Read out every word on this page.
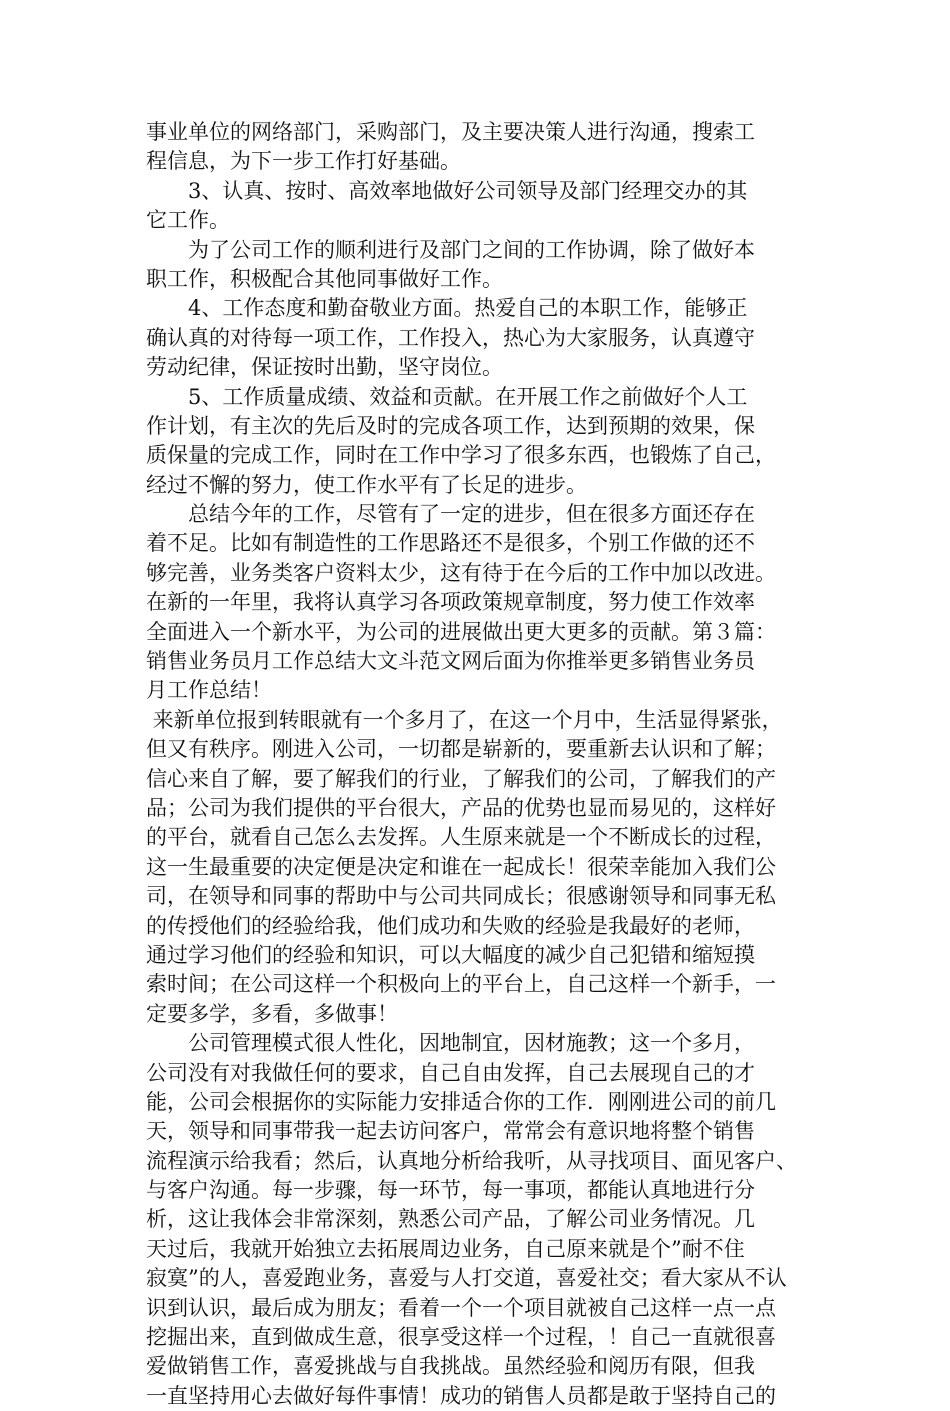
事业单位的网络部门，采购部门，及主要决策人进行沟通，搜索工
程信息，为下一步工作打好基础。
　　3、认真、按时、高效率地做好公司领导及部门经理交办的其
它工作。
　　为了公司工作的顺利进行及部门之间的工作协调，除了做好本
职工作，积极配合其他同事做好工作。
　　4、工作态度和勤奋敬业方面。热爱自己的本职工作，能够正
确认真的对待每一项工作，工作投入，热心为大家服务，认真遵守
劳动纪律，保证按时出勤，坚守岗位。
　　5、工作质量成绩、效益和贡献。在开展工作之前做好个人工
作计划，有主次的先后及时的完成各项工作，达到预期的效果，保
质保量的完成工作，同时在工作中学习了很多东西，也锻炼了自己，
经过不懈的努力，使工作水平有了长足的进步。
　　总结今年的工作，尽管有了一定的进步，但在很多方面还存在
着不足。比如有制造性的工作思路还不是很多，个别工作做的还不
够完善，业务类客户资料太少，这有待于在今后的工作中加以改进。
在新的一年里，我将认真学习各项政策规章制度，努力使工作效率
全面进入一个新水平，为公司的进展做出更大更多的贡献。第３篇：
销售业务员月工作总结大文斗范文网后面为你推举更多销售业务员
月工作总结！
来新单位报到转眼就有一个多月了，在这一个月中，生活显得紧张，
但又有秩序。刚进入公司，一切都是崭新的，要重新去认识和了解；
信心来自了解，要了解我们的行业，了解我们的公司，了解我们的产
品；公司为我们提供的平台很大，产品的优势也显而易见的，这样好
的平台，就看自己怎么去发挥。人生原来就是一个不断成长的过程，
这一生最重要的决定便是决定和谁在一起成长！很荣幸能加入我们公
司，在领导和同事的帮助中与公司共同成长；很感谢领导和同事无私
的传授他们的经验给我，他们成功和失败的经验是我最好的老师，
通过学习他们的经验和知识，可以大幅度的减少自己犯错和缩短摸
索时间；在公司这样一个积极向上的平台上，自己这样一个新手，一
定要多学，多看，多做事！
　　公司管理模式很人性化，因地制宜，因材施教；这一个多月，
公司没有对我做任何的要求，自己自由发挥，自己去展现自己的才
能，公司会根据你的实际能力安排适合你的工作．刚刚进公司的前几
天，领导和同事带我一起去访问客户，常常会有意识地将整个销售
流程演示给我看；然后，认真地分析给我听，从寻找项目、面见客户、
与客户沟通。每一步骤，每一环节，每一事项，都能认真地进行分
析，这让我体会非常深刻，熟悉公司产品，了解公司业务情况。几
天过后，我就开始独立去拓展周边业务，自己原来就是个”耐不住
寂寞”的人，喜爱跑业务，喜爱与人打交道，喜爱社交；看大家从不认
识到认识，最后成为朋友；看着一个一个项目就被自己这样一点一点
挖掘出来，直到做成生意，很享受这样一个过程，！自己一直就很喜
爱做销售工作，喜爱挑战与自我挑战。虽然经验和阅历有限，但我
一直坚持用心去做好每件事情！成功的销售人员都是敢于坚持自己的
